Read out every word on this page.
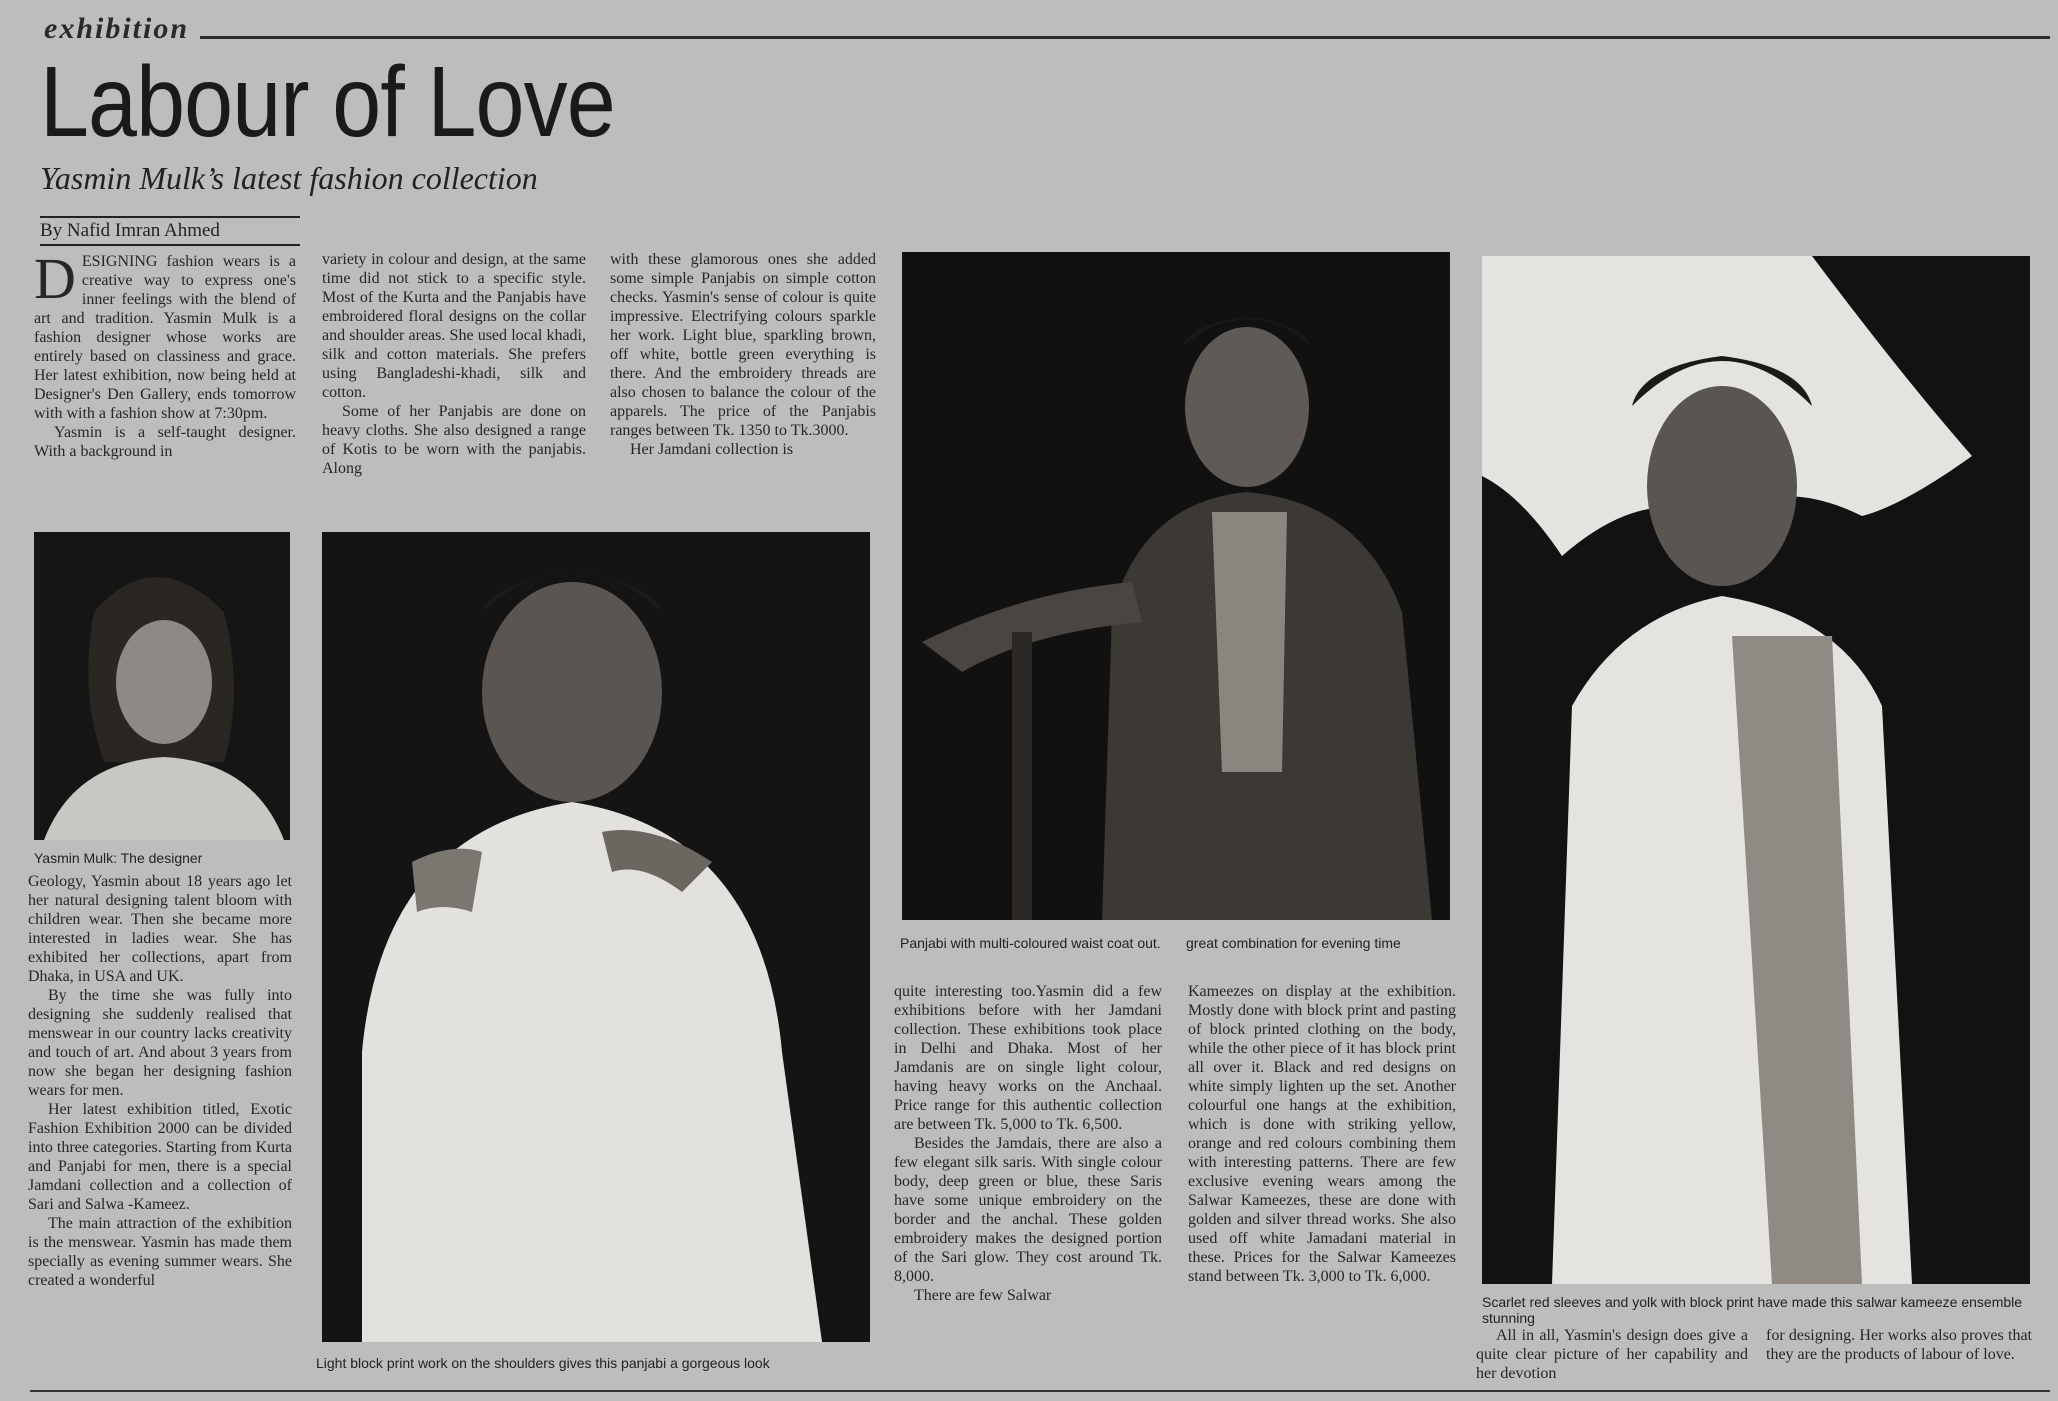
exhibition
Labour of Love
Yasmin Mulk’s latest fashion collection
By Nafid Imran Ahmed

DESIGNING fashion wears is a creative way to express one's inner feelings with the blend of art and tradition. Yasmin Mulk is a fashion designer whose works are entirely based on classiness and grace. Her latest exhibition, now being held at Designer's Den Gallery, ends tomorrow with with a fashion show at 7:30pm.

Yasmin is a self-taught designer. With a background in

variety in colour and design, at the same time did not stick to a specific style. Most of the Kurta and the Panjabis have embroidered floral designs on the collar and shoulder areas. She used local khadi, silk and cotton materials. She prefers using Bangladeshi-khadi, silk and cotton.

Some of her Panjabis are done on heavy cloths. She also designed a range of Kotis to be worn with the panjabis. Along

with these glamorous ones she added some simple Panjabis on simple cotton checks. Yasmin's sense of colour is quite impressive. Electrifying colours sparkle her work. Light blue, sparkling brown, off white, bottle green everything is there. And the embroidery threads are also chosen to balance the colour of the apparels. The price of the Panjabis ranges between Tk. 1350 to Tk.3000.

Her Jamdani collection is

Yasmin Mulk: The designer

Geology, Yasmin about 18 years ago let her natural designing talent bloom with children wear. Then she became more interested in ladies wear. She has exhibited her collections, apart from Dhaka, in USA and UK.

By the time she was fully into designing she suddenly realised that menswear in our country lacks creativity and touch of art. And about 3 years from now she began her designing fashion wears for men.

Her latest exhibition titled, Exotic Fashion Exhibition 2000 can be divided into three categories. Starting from Kurta and Panjabi for men, there is a special Jamdani collection and a collection of Sari and Salwa -Kameez.

The main attraction of the exhibition is the menswear. Yasmin has made them specially as evening summer wears. She created a wonderful

Light block print work on the shoulders gives this panjabi a gorgeous look
Panjabi with multi-coloured waist coat out.	great combination for evening time

quite interesting too.Yasmin did a few exhibitions before with her Jamdani collection. These exhibitions took place in Delhi and Dhaka. Most of her Jamdanis are on single light colour, having heavy works on the Anchaal. Price range for this authentic collection are between Tk. 5,000 to Tk. 6,500.

Besides the Jamdais, there are also a few elegant silk saris. With single colour body, deep green or blue, these Saris have some unique embroidery on the border and the anchal. These golden embroidery makes the designed portion of the Sari glow. They cost around Tk. 8,000.

There are few Salwar

Kameezes on display at the exhibition. Mostly done with block print and pasting of block printed clothing on the body, while the other piece of it has block print all over it. Black and red designs on white simply lighten up the set. Another colourful one hangs at the exhibition, which is done with striking yellow, orange and red colours combining them with interesting patterns. There are few exclusive evening wears among the Salwar Kameezes, these are done with golden and silver thread works. She also used off white Jamadani material in these. Prices for the Salwar Kameezes stand between Tk. 3,000 to Tk. 6,000.

Scarlet red sleeves and yolk with block print have made this salwar kameeze ensemble stunning

All in all, Yasmin's design does give a quite clear picture of her capability and her devotion

for designing. Her works also proves that they are the products of labour of love.
